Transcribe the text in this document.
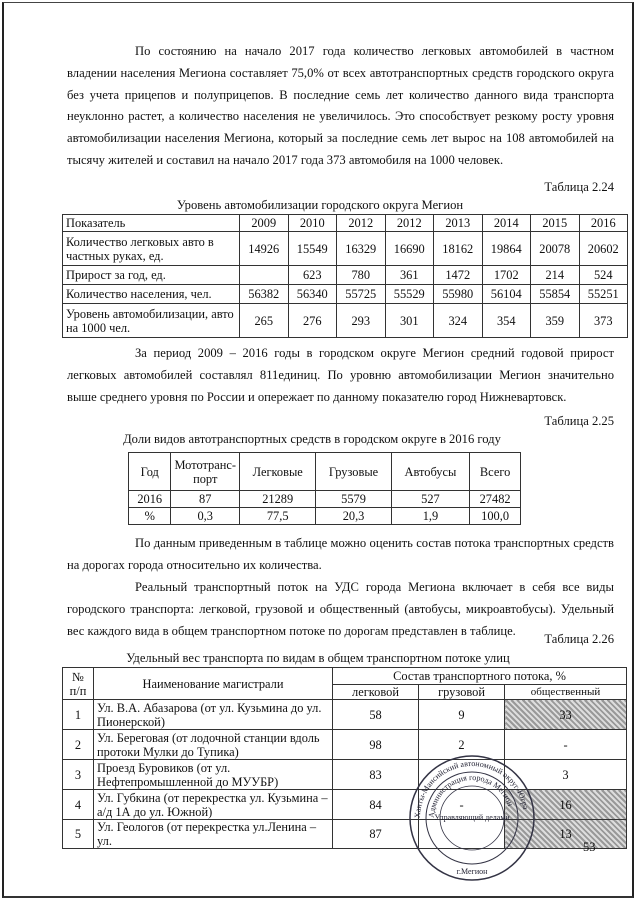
По состоянию на начало 2017 года количество легковых автомобилей в частном владении населения Мегиона составляет 75,0% от всех автотранспортных средств городского округа без учета прицепов и полуприцепов. В последние семь лет количество данного вида транспорта неуклонно растет, а количество населения не увеличилось. Это способствует резкому росту уровня автомобилизации населения Мегиона, который за последние семь лет вырос на 108 автомобилей на тысячу жителей и составил на начало 2017 года 373 автомобиля на 1000 человек.

Таблица 2.24
Уровень автомобилизации городского округа Мегион
Показатель	2009	2010	2012	2012	2013	2014	2015	2016
Количество легковых авто в частных руках, ед.	14926	15549	16329	16690	18162	19864	20078	20602
Прирост за год, ед.		623	780	361	1472	1702	214	524
Количество населения, чел.	56382	56340	55725	55529	55980	56104	55854	55251
Уровень автомобилизации, авто на 1000 чел.	265	276	293	301	324	354	359	373

За период 2009 – 2016 годы в городском округе Мегион средний годовой прирост легковых автомобилей составлял 811единиц. По уровню автомобилизации Мегион значительно выше среднего уровня по России и опережает по данному показателю город Нижневартовск.

Таблица 2.25
Доли видов автотранспортных средств в городском округе в 2016 году
Год	Мототранс-порт	Легковые	Грузовые	Автобусы	Всего
2016	87	21289	5579	527	27482
%	0,3	77,5	20,3	1,9	100,0

По данным приведенным в таблице можно оценить состав потока транспортных средств на дорогах города относительно их количества.

Реальный транспортный поток на УДС города Мегиона включает в себя все виды городского транспорта: легковой, грузовой и общественный (автобусы, микроавтобусы). Удельный вес каждого вида в общем транспортном потоке по дорогам представлен в таблице.

Таблица 2.26
Удельный вес транспорта по видам в общем транспортном потоке улиц
№ п/п	Наименование магистрали	Состав транспортного потока, %		
		легковой	грузовой	общественный
1	Ул. В.А. Абазарова (от ул. Кузьмина до ул. Пионерской)	58	9	33
2	Ул. Береговая (от лодочной станции вдоль протоки Мулки до Тупика)	98	2	-
3	Проезд Буровиков (от ул. Нефтепромышленной до МУУБР)	83		3
4	Ул. Губкина (от перекрестка ул. Кузьмина – а/д 1А до ул. Южной)	84	-	16
5	Ул. Геологов (от перекрестка ул.Ленина – ул.	87		13
Ханты-Мансийский автономный округ-Югра
Администрация города Мегион
Управляющий делами
г.Мегион
53
